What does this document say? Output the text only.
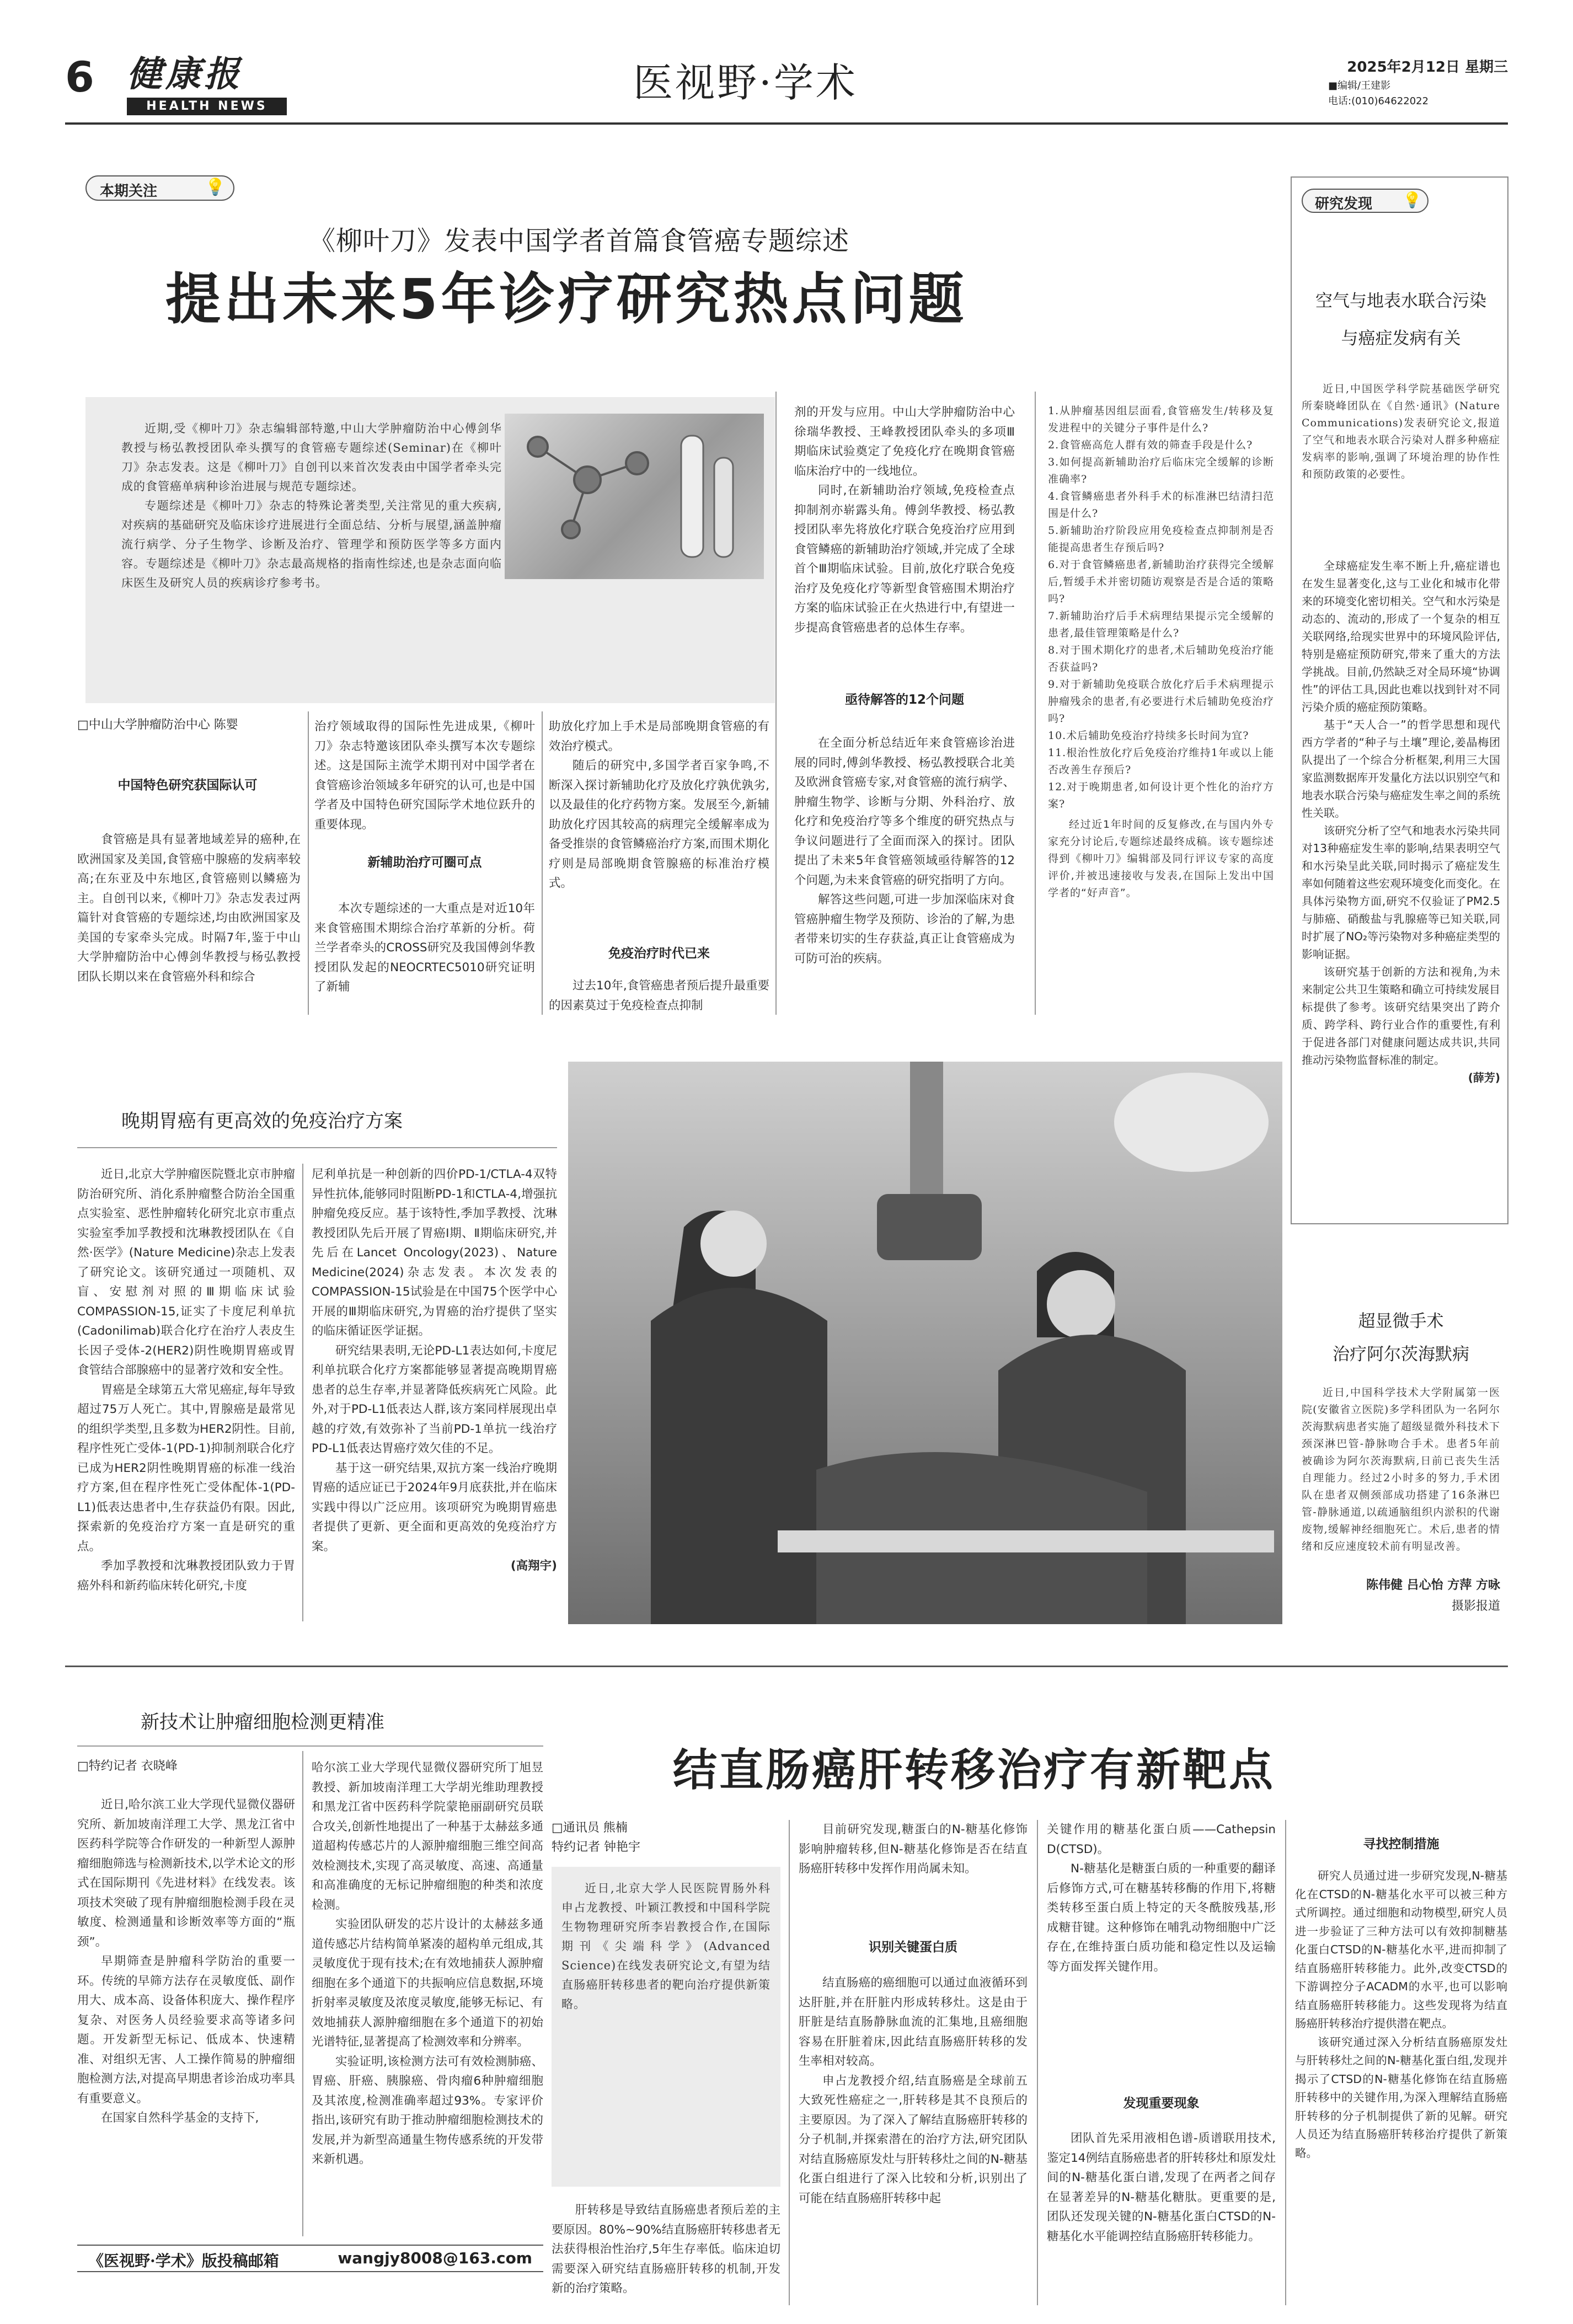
6 健康报
HEALTH NEWS
医视野·学术	2025年2月12日 星期三
■编辑/王建影
电话:(010)64622022
本期关注	💡
《柳叶刀》发表中国学者首篇食管癌专题综述
提出未来5年诊疗研究热点问题

近期,受《柳叶刀》杂志编辑部特邀,中山大学肿瘤防治中心傅剑华教授与杨弘教授团队牵头撰写的食管癌专题综述(Seminar)在《柳叶刀》杂志发表。这是《柳叶刀》自创刊以来首次发表由中国学者牵头完成的食管癌单病种诊治进展与规范专题综述。

专题综述是《柳叶刀》杂志的特殊论著类型,关注常见的重大疾病,对疾病的基础研究及临床诊疗进展进行全面总结、分析与展望,涵盖肿瘤流行病学、分子生物学、诊断及治疗、管理学和预防医学等多方面内容。专题综述是《柳叶刀》杂志最高规格的指南性综述,也是杂志面向临床医生及研究人员的疾病诊疗参考书。

□中山大学肿瘤防治中心 陈婴
中国特色研究获国际认可

食管癌是具有显著地域差异的癌种,在欧洲国家及美国,食管癌中腺癌的发病率较高;在东亚及中东地区,食管癌则以鳞癌为主。自创刊以来,《柳叶刀》杂志发表过两篇针对食管癌的专题综述,均由欧洲国家及美国的专家牵头完成。时隔7年,鉴于中山大学肿瘤防治中心傅剑华教授与杨弘教授团队长期以来在食管癌外科和综合

治疗领域取得的国际性先进成果,《柳叶刀》杂志特邀该团队牵头撰写本次专题综述。这是国际主流学术期刊对中国学者在食管癌诊治领域多年研究的认可,也是中国学者及中国特色研究国际学术地位跃升的重要体现。

新辅助治疗可圈可点

本次专题综述的一大重点是对近10年来食管癌围术期综合治疗革新的分析。荷兰学者牵头的CROSS研究及我国傅剑华教授团队发起的NEOCRTEC5010研究证明了新辅

助放化疗加上手术是局部晚期食管癌的有效治疗模式。

随后的研究中,多国学者百家争鸣,不断深入探讨新辅助化疗及放化疗孰优孰劣,以及最佳的化疗药物方案。发展至今,新辅助放化疗因其较高的病理完全缓解率成为备受推崇的食管鳞癌治疗方案,而围术期化疗则是局部晚期食管腺癌的标准治疗模式。

免疫治疗时代已来

过去10年,食管癌患者预后提升最重要的因素莫过于免疫检查点抑制

剂的开发与应用。中山大学肿瘤防治中心徐瑞华教授、王峰教授团队牵头的多项Ⅲ期临床试验奠定了免疫化疗在晚期食管癌临床治疗中的一线地位。

同时,在新辅助治疗领域,免疫检查点抑制剂亦崭露头角。傅剑华教授、杨弘教授团队率先将放化疗联合免疫治疗应用到食管鳞癌的新辅助治疗领域,并完成了全球首个Ⅲ期临床试验。目前,放化疗联合免疫治疗及免疫化疗等新型食管癌围术期治疗方案的临床试验正在火热进行中,有望进一步提高食管癌患者的总体生存率。

亟待解答的12个问题

在全面分析总结近年来食管癌诊治进展的同时,傅剑华教授、杨弘教授联合北美及欧洲食管癌专家,对食管癌的流行病学、肿瘤生物学、诊断与分期、外科治疗、放化疗和免疫治疗等多个维度的研究热点与争议问题进行了全面而深入的探讨。团队提出了未来5年食管癌领域亟待解答的12个问题,为未来食管癌的研究指明了方向。

解答这些问题,可进一步加深临床对食管癌肿瘤生物学及预防、诊治的了解,为患者带来切实的生存获益,真正让食管癌成为可防可治的疾病。

1.从肿瘤基因组层面看,食管癌发生/转移及复发进程中的关键分子事件是什么?
2.食管癌高危人群有效的筛查手段是什么?
3.如何提高新辅助治疗后临床完全缓解的诊断准确率?
4.食管鳞癌患者外科手术的标准淋巴结清扫范围是什么?
5.新辅助治疗阶段应用免疫检查点抑制剂是否能提高患者生存预后吗?
6.对于食管鳞癌患者,新辅助治疗获得完全缓解后,暂缓手术并密切随访观察是否是合适的策略吗?
7.新辅助治疗后手术病理结果提示完全缓解的患者,最佳管理策略是什么?
8.对于围术期化疗的患者,术后辅助免疫治疗能否获益吗?
9.对于新辅助免疫联合放化疗后手术病理提示肿瘤残余的患者,有必要进行术后辅助免疫治疗吗?
10.术后辅助免疫治疗持续多长时间为宜?
11.根治性放化疗后免疫治疗维持1年或以上能否改善生存预后?
12.对于晚期患者,如何设计更个性化的治疗方案?

经过近1年时间的反复修改,在与国内外专家充分讨论后,专题综述最终成稿。该专题综述得到《柳叶刀》编辑部及同行评议专家的高度评价,并被迅速接收与发表,在国际上发出中国学者的“好声音”。

研究发现 💡
空气与地表水联合污染
与癌症发病有关

近日,中国医学科学院基础医学研究所秦晓峰团队在《自然·通讯》(Nature Communications)发表研究论文,报道了空气和地表水联合污染对人群多种癌症发病率的影响,强调了环境治理的协作性和预防政策的必要性。

全球癌症发生率不断上升,癌症谱也在发生显著变化,这与工业化和城市化带来的环境变化密切相关。空气和水污染是动态的、流动的,形成了一个复杂的相互关联网络,给现实世界中的环境风险评估,特别是癌症预防研究,带来了重大的方法学挑战。目前,仍然缺乏对全局环境“协调性”的评估工具,因此也难以找到针对不同污染介质的癌症预防策略。

基于“天人合一”的哲学思想和现代西方学者的“种子与土壤”理论,姜晶梅团队提出了一个综合分析框架,利用三大国家监测数据库开发量化方法以识别空气和地表水联合污染与癌症发生率之间的系统性关联。

该研究分析了空气和地表水污染共同对13种癌症发生率的影响,结果表明空气和水污染呈此关联,同时揭示了癌症发生率如何随着这些宏观环境变化而变化。在具体污染物方面,研究不仅验证了PM2.5与肺癌、硝酸盐与乳腺癌等已知关联,同时扩展了NO₂等污染物对多种癌症类型的影响证据。

该研究基于创新的方法和视角,为未来制定公共卫生策略和确立可持续发展目标提供了参考。该研究结果突出了跨介质、跨学科、跨行业合作的重要性,有利于促进各部门对健康问题达成共识,共同推动污染物监督标准的制定。

(薛芳)
超显微手术
治疗阿尔茨海默病

近日,中国科学技术大学附属第一医院(安徽省立医院)多学科团队为一名阿尔茨海默病患者实施了超级显微外科技术下颈深淋巴管-静脉吻合手术。患者5年前被确诊为阿尔茨海默病,日前已丧失生活自理能力。经过2小时多的努力,手术团队在患者双侧颈部成功搭建了16条淋巴管-静脉通道,以疏通脑组织内淤积的代谢废物,缓解神经细胞死亡。术后,患者的情绪和反应速度较术前有明显改善。

陈伟健 吕心怡 方萍 方咏
摄影报道
晚期胃癌有更高效的免疫治疗方案

近日,北京大学肿瘤医院暨北京市肿瘤防治研究所、消化系肿瘤整合防治全国重点实验室、恶性肿瘤转化研究北京市重点实验室季加孚教授和沈琳教授团队在《自然·医学》(Nature Medicine)杂志上发表了研究论文。该研究通过一项随机、双盲、安慰剂对照的Ⅲ期临床试验COMPASSION-15,证实了卡度尼利单抗(Cadonilimab)联合化疗在治疗人表皮生长因子受体-2(HER2)阴性晚期胃癌或胃食管结合部腺癌中的显著疗效和安全性。

胃癌是全球第五大常见癌症,每年导致超过75万人死亡。其中,胃腺癌是最常见的组织学类型,且多数为HER2阴性。目前,程序性死亡受体-1(PD-1)抑制剂联合化疗已成为HER2阴性晚期胃癌的标准一线治疗方案,但在程序性死亡受体配体-1(PD-L1)低表达患者中,生存获益仍有限。因此,探索新的免疫治疗方案一直是研究的重点。

季加孚教授和沈琳教授团队致力于胃癌外科和新药临床转化研究,卡度

尼利单抗是一种创新的四价PD-1/CTLA-4双特异性抗体,能够同时阻断PD-1和CTLA-4,增强抗肿瘤免疫反应。基于该特性,季加孚教授、沈琳教授团队先后开展了胃癌Ⅰ期、Ⅱ期临床研究,并先后在Lancet Oncology(2023)、Nature Medicine(2024)杂志发表。本次发表的COMPASSION-15试验是在中国75个医学中心开展的Ⅲ期临床研究,为胃癌的治疗提供了坚实的临床循证医学证据。

研究结果表明,无论PD-L1表达如何,卡度尼利单抗联合化疗方案都能够显著提高晚期胃癌患者的总生存率,并显著降低疾病死亡风险。此外,对于PD-L1低表达人群,该方案同样展现出卓越的疗效,有效弥补了当前PD-1单抗一线治疗PD-L1低表达胃癌疗效欠佳的不足。

基于这一研究结果,双抗方案一线治疗晚期胃癌的适应证已于2024年9月底获批,并在临床实践中得以广泛应用。该项研究为晚期胃癌患者提供了更新、更全面和更高效的免疫治疗方案。

(高翔宇)
新技术让肿瘤细胞检测更精准
□特约记者 衣晓峰

近日,哈尔滨工业大学现代显微仪器研究所、新加坡南洋理工大学、黑龙江省中医药科学院等合作研发的一种新型人源肿瘤细胞筛选与检测新技术,以学术论文的形式在国际期刊《先进材料》在线发表。该项技术突破了现有肿瘤细胞检测手段在灵敏度、检测通量和诊断效率等方面的“瓶颈”。

早期筛查是肿瘤科学防治的重要一环。传统的早筛方法存在灵敏度低、副作用大、成本高、设备体积庞大、操作程序复杂、对医务人员经验要求高等诸多问题。开发新型无标记、低成本、快速精准、对组织无害、人工操作简易的肿瘤细胞检测方法,对提高早期患者诊治成功率具有重要意义。

在国家自然科学基金的支持下,

哈尔滨工业大学现代显微仪器研究所丁旭昱教授、新加坡南洋理工大学胡光维助理教授和黑龙江省中医药科学院蒙艳丽副研究员联合攻关,创新性地提出了一种基于太赫兹多通道超构传感芯片的人源肿瘤细胞三维空间高效检测技术,实现了高灵敏度、高速、高通量和高准确度的无标记肿瘤细胞的种类和浓度检测。

实验团队研发的芯片设计的太赫兹多通道传感芯片结构简单紧凑的超构单元组成,其灵敏度优于现有技术;在有效地捕获人源肿瘤细胞在多个通道下的共振响应信息数据,环境折射率灵敏度及浓度灵敏度,能够无标记、有效地捕获人源肿瘤细胞在多个通道下的初始光谱特征,显著提高了检测效率和分辨率。

实验证明,该检测方法可有效检测肺癌、胃癌、肝癌、胰腺癌、骨肉瘤6种肿瘤细胞及其浓度,检测准确率超过93%。专家评价指出,该研究有助于推动肿瘤细胞检测技术的发展,并为新型高通量生物传感系统的开发带来新机遇。

《医视野·学术》版投稿邮箱	wangjy8008@163.com
结直肠癌肝转移治疗有新靶点
□通讯员 熊楠
特约记者 钟艳宇

近日,北京大学人民医院胃肠外科申占龙教授、叶颖江教授和中国科学院生物物理研究所李岩教授合作,在国际期刊《尖端科学》(Advanced Science)在线发表研究论文,有望为结直肠癌肝转移患者的靶向治疗提供新策略。

肝转移是导致结直肠癌患者预后差的主要原因。80%~90%结直肠癌肝转移患者无法获得根治性治疗,5年生存率低。临床迫切需要深入研究结直肠癌肝转移的机制,开发新的治疗策略。

目前研究发现,糖蛋白的N-糖基化修饰影响肿瘤转移,但N-糖基化修饰是否在结直肠癌肝转移中发挥作用尚属未知。

识别关键蛋白质

结直肠癌的癌细胞可以通过血液循环到达肝脏,并在肝脏内形成转移灶。这是由于肝脏是结直肠静脉血流的汇集地,且癌细胞容易在肝脏着床,因此结直肠癌肝转移的发生率相对较高。

申占龙教授介绍,结直肠癌是全球前五大致死性癌症之一,肝转移是其不良预后的主要原因。为了深入了解结直肠癌肝转移的分子机制,并探索潜在的治疗方法,研究团队对结直肠癌原发灶与肝转移灶之间的N-糖基化蛋白组进行了深入比较和分析,识别出了可能在结直肠癌肝转移中起

关键作用的糖基化蛋白质——Cathepsin D(CTSD)。

N-糖基化是糖蛋白质的一种重要的翻译后修饰方式,可在糖基转移酶的作用下,将糖类转移至蛋白质上特定的天冬酰胺残基,形成糖苷键。这种修饰在哺乳动物细胞中广泛存在,在维持蛋白质功能和稳定性以及运输等方面发挥关键作用。

发现重要现象

团队首先采用液相色谱-质谱联用技术,鉴定14例结直肠癌患者的肝转移灶和原发灶间的N-糖基化蛋白谱,发现了在两者之间存在显著差异的N-糖基化糖肽。更重要的是,团队还发现关键的N-糖基化蛋白CTSD的N-糖基化水平能调控结直肠癌肝转移能力。

寻找控制措施

研究人员通过进一步研究发现,N-糖基化在CTSD的N-糖基化水平可以被三种方式所调控。通过细胞和动物模型,研究人员进一步验证了三种方法可以有效抑制糖基化蛋白CTSD的N-糖基化水平,进而抑制了结直肠癌肝转移能力。此外,改变CTSD的下游调控分子ACADM的水平,也可以影响结直肠癌肝转移能力。这些发现将为结直肠癌肝转移治疗提供潜在靶点。

该研究通过深入分析结直肠癌原发灶与肝转移灶之间的N-糖基化蛋白组,发现并揭示了CTSD的N-糖基化修饰在结直肠癌肝转移中的关键作用,为深入理解结直肠癌肝转移的分子机制提供了新的见解。研究人员还为结直肠癌肝转移治疗提供了新策略。
